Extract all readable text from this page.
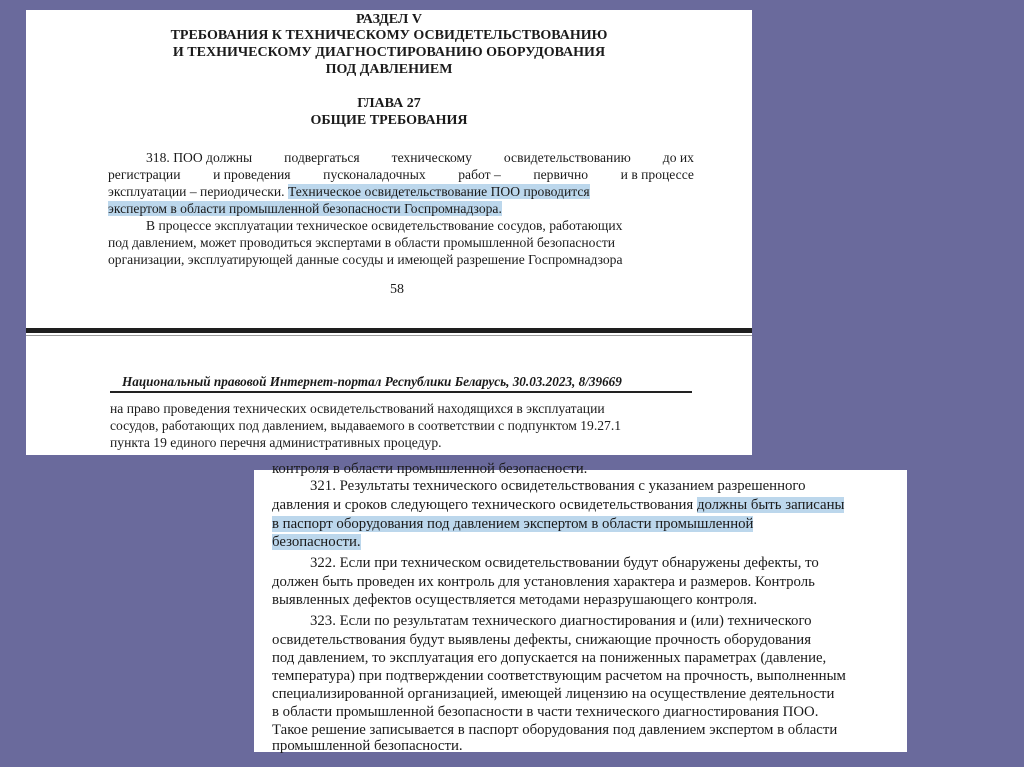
РАЗДЕЛ V
ТРЕБОВАНИЯ К ТЕХНИЧЕСКОМУ ОСВИДЕТЕЛЬСТВОВАНИЮ
И ТЕХНИЧЕСКОМУ ДИАГНОСТИРОВАНИЮ ОБОРУДОВАНИЯ
ПОД ДАВЛЕНИЕМ
ГЛАВА 27
ОБЩИЕ ТРЕБОВАНИЯ
318. ПОО должны подвергаться техническому освидетельствованию до их
регистрации и проведения пусконаладочных работ – первично и в процессе
эксплуатации – периодически. Техническое освидетельствование ПОО проводится
экспертом в области промышленной безопасности Госпромнадзора.
В процессе эксплуатации техническое освидетельствование сосудов, работающих
под давлением, может проводиться экспертами в области промышленной безопасности
организации, эксплуатирующей данные сосуды и имеющей разрешение Госпромнадзора
58
Национальный правовой Интернет-портал Республики Беларусь, 30.03.2023, 8/39669
на право проведения технических освидетельствований находящихся в эксплуатации
сосудов, работающих под давлением, выдаваемого в соответствии с подпунктом 19.27.1
пункта 19 единого перечня административных процедур.
контроля в области промышленной безопасности.
321. Результаты технического освидетельствования с указанием разрешенного
давления и сроков следующего технического освидетельствования должны быть записаны
в паспорт оборудования под давлением экспертом в области промышленной
безопасности.
322. Если при техническом освидетельствовании будут обнаружены дефекты, то
должен быть проведен их контроль для установления характера и размеров. Контроль
выявленных дефектов осуществляется методами неразрушающего контроля.
323. Если по результатам технического диагностирования и (или) технического
освидетельствования будут выявлены дефекты, снижающие прочность оборудования
под давлением, то эксплуатация его допускается на пониженных параметрах (давление,
температура) при подтверждении соответствующим расчетом на прочность, выполненным
специализированной организацией, имеющей лицензию на осуществление деятельности
в области промышленной безопасности в части технического диагностирования ПОО.
Такое решение записывается в паспорт оборудования под давлением экспертом в области
промышленной безопасности.
